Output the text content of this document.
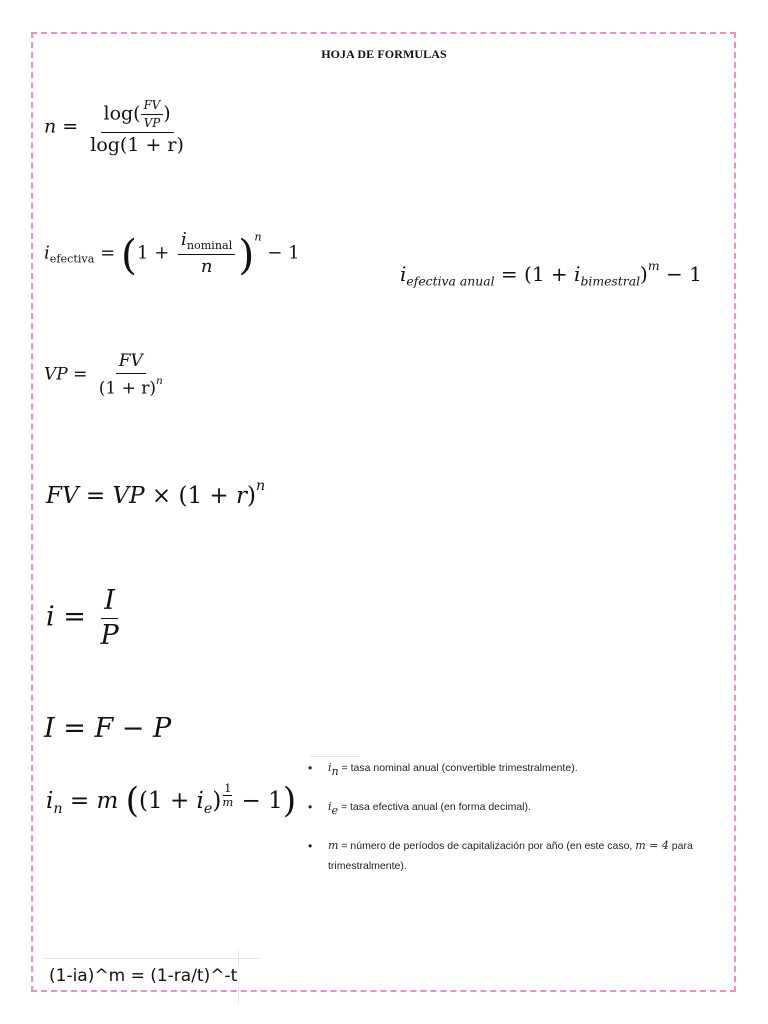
HOJA DE FORMULAS
$n = \frac{\log( \frac{FV}{VP} )}{\log(1 + r)}$
$i_{efectiva} = (1 + \frac{i_{nominal}}{n} )^n - 1$
$i_{efectiva anual} = (1 + i_{bimestral})^m - 1$
VP = $\frac{FV}{(1 + r)^n}$
FV = VP × $(1 + r)^n$
$i = \frac{I}{P}$
I = F − P
$i_n = m$ $((1 + i_e) \frac{1}{m} - 1)$
• in = tasa nominal anual (convertible trimestralmente).
• ie = tasa efectiva anual (en forma decimal).
• m = número de períodos de capitalización por año (en este caso, m = 4 para trimestralmente).
(1-ia)^m = (1-ra/t)^-t
